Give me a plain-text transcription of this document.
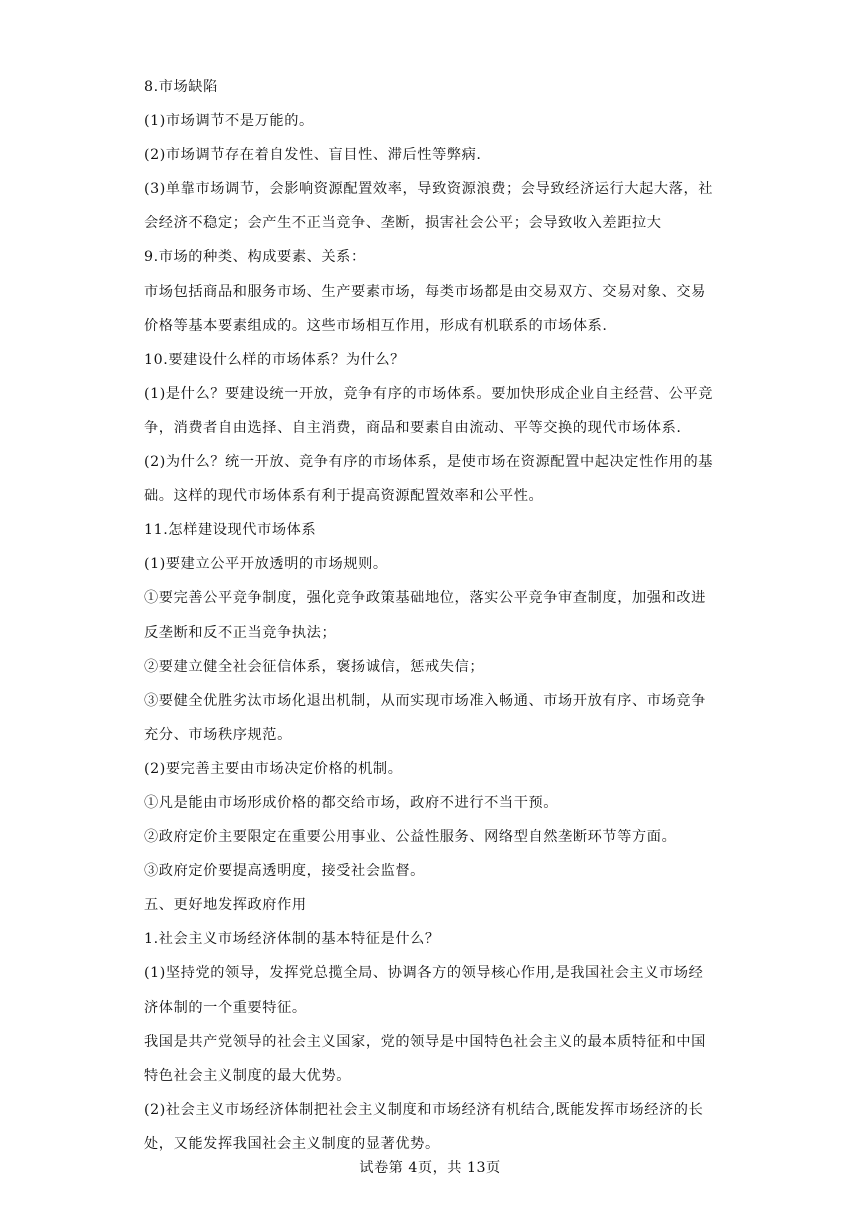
8.市场缺陷
(1)市场调节不是万能的。
(2)市场调节存在着自发性、盲目性、滞后性等弊病.
(3)单靠市场调节，会影响资源配置效率，导致资源浪费；会导致经济运行大起大落，社
会经济不稳定；会产生不正当竞争、垄断，损害社会公平；会导致收入差距拉大
9.市场的种类、构成要素、关系：
市场包括商品和服务市场、生产要素市场，每类市场都是由交易双方、交易对象、交易
价格等基本要素组成的。这些市场相互作用，形成有机联系的市场体系.
10.要建设什么样的市场体系？为什么？
(1)是什么？要建设统一开放，竞争有序的市场体系。要加快形成企业自主经营、公平竞
争，消费者自由选择、自主消费，商品和要素自由流动、平等交换的现代市场体系.
(2)为什么？统一开放、竞争有序的市场体系，是使市场在资源配置中起决定性作用的基
础。这样的现代市场体系有利于提高资源配置效率和公平性。
11.怎样建设现代市场体系
(1)要建立公平开放透明的市场规则。
①要完善公平竞争制度，强化竞争政策基础地位，落实公平竞争审查制度，加强和改进
反垄断和反不正当竞争执法；
②要建立健全社会征信体系，褒扬诚信，惩戒失信；
③要健全优胜劣汰市场化退出机制，从而实现市场准入畅通、市场开放有序、市场竞争
充分、市场秩序规范。
(2)要完善主要由市场决定价格的机制。
①凡是能由市场形成价格的都交给市场，政府不进行不当干预。
②政府定价主要限定在重要公用事业、公益性服务、网络型自然垄断环节等方面。
③政府定价要提高透明度，接受社会监督。
五、更好地发挥政府作用
1.社会主义市场经济体制的基本特征是什么？
(1)坚持党的领导，发挥党总揽全局、协调各方的领导核心作用,是我国社会主义市场经
济体制的一个重要特征。
我国是共产党领导的社会主义国家，党的领导是中国特色社会主义的最本质特征和中国
特色社会主义制度的最大优势。
(2)社会主义市场经济体制把社会主义制度和市场经济有机结合,既能发挥市场经济的长
处，又能发挥我国社会主义制度的显著优势。
试卷第 4页，共 13页
